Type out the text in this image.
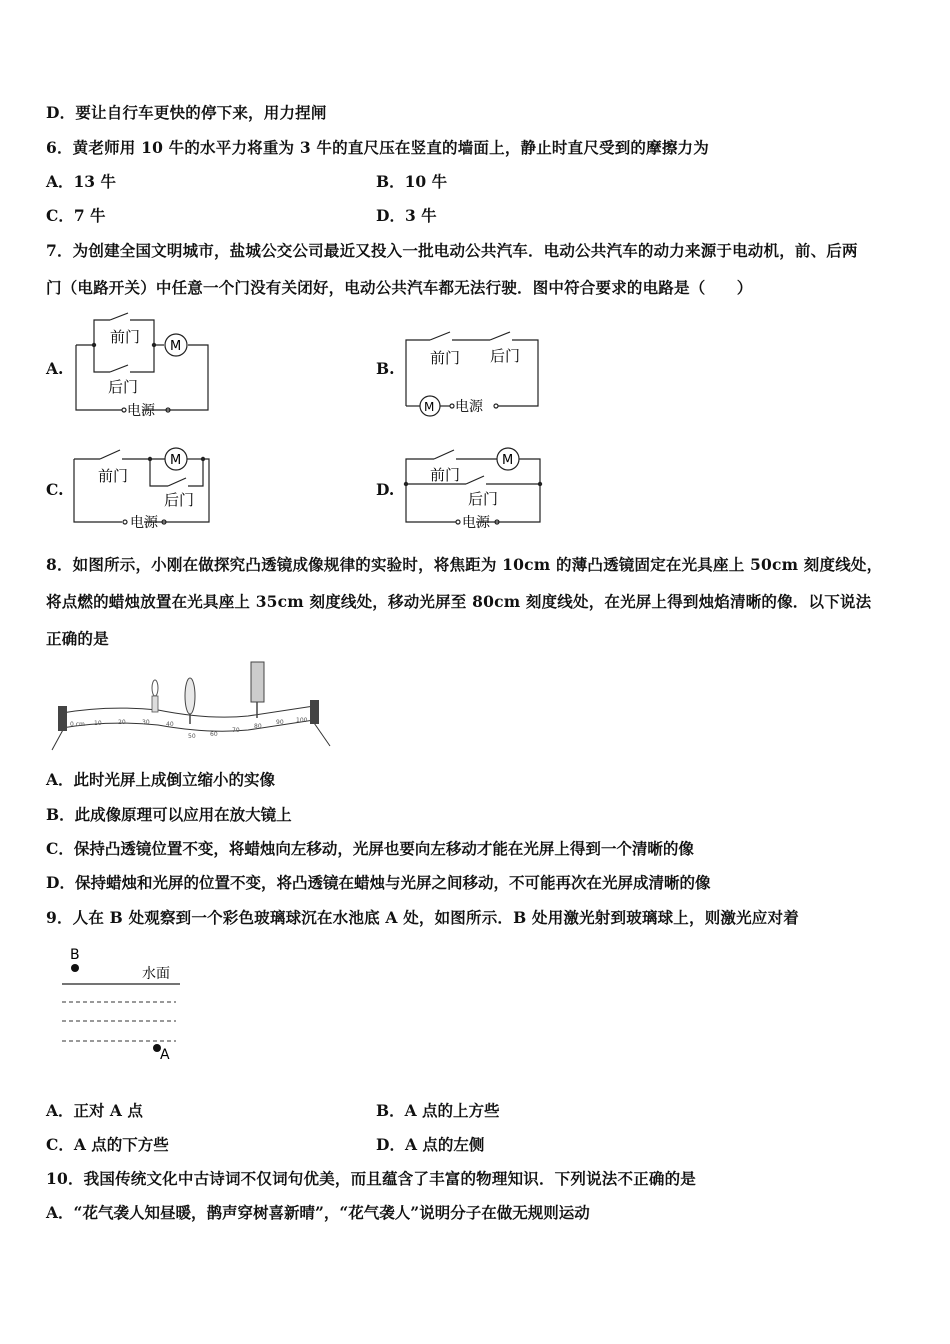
D．要让自行车更快的停下来，用力捏闸
6．黄老师用 10 牛的水平力将重为 3 牛的直尺压在竖直的墙面上，静止时直尺受到的摩擦力为
A．13 牛	B．10 牛
C．7 牛	D．3 牛
7．为创建全国文明城市，盐城公交公司最近又投入一批电动公共汽车．电动公共汽车的动力来源于电动机，前、后两
门（电路开关）中任意一个门没有关闭好，电动公共汽车都无法行驶．图中符合要求的电路是（　　）
A.	B.
C.	D.
前门
后门
电源
M
前门 后门
电源
M
前门
后门
电源
M
前门
后门
电源
M
8．如图所示，小刚在做探究凸透镜成像规律的实验时，将焦距为 10cm 的薄凸透镜固定在光具座上 50cm 刻度线处，
将点燃的蜡烛放置在光具座上 35cm 刻度线处，移动光屏至 80cm 刻度线处，在光屏上得到烛焰清晰的像．以下说法
正确的是
0 cm 10	20	30	40
50 60
70
80
90 100
A．此时光屏上成倒立缩小的实像
B．此成像原理可以应用在放大镜上
C．保持凸透镜位置不变，将蜡烛向左移动，光屏也要向左移动才能在光屏上得到一个清晰的像
D．保持蜡烛和光屏的位置不变，将凸透镜在蜡烛与光屏之间移动，不可能再次在光屏成清晰的像
9．人在 B 处观察到一个彩色玻璃球沉在水池底 A 处，如图所示．B 处用激光射到玻璃球上，则激光应对着
B
水面
A
A．正对 A 点	B．A 点的上方些
C．A 点的下方些	D．A 点的左侧
10．我国传统文化中古诗词不仅词句优美，而且蕴含了丰富的物理知识．下列说法不正确的是
A．“花气袭人知昼暖，鹊声穿树喜新晴”，“花气袭人”说明分子在做无规则运动
